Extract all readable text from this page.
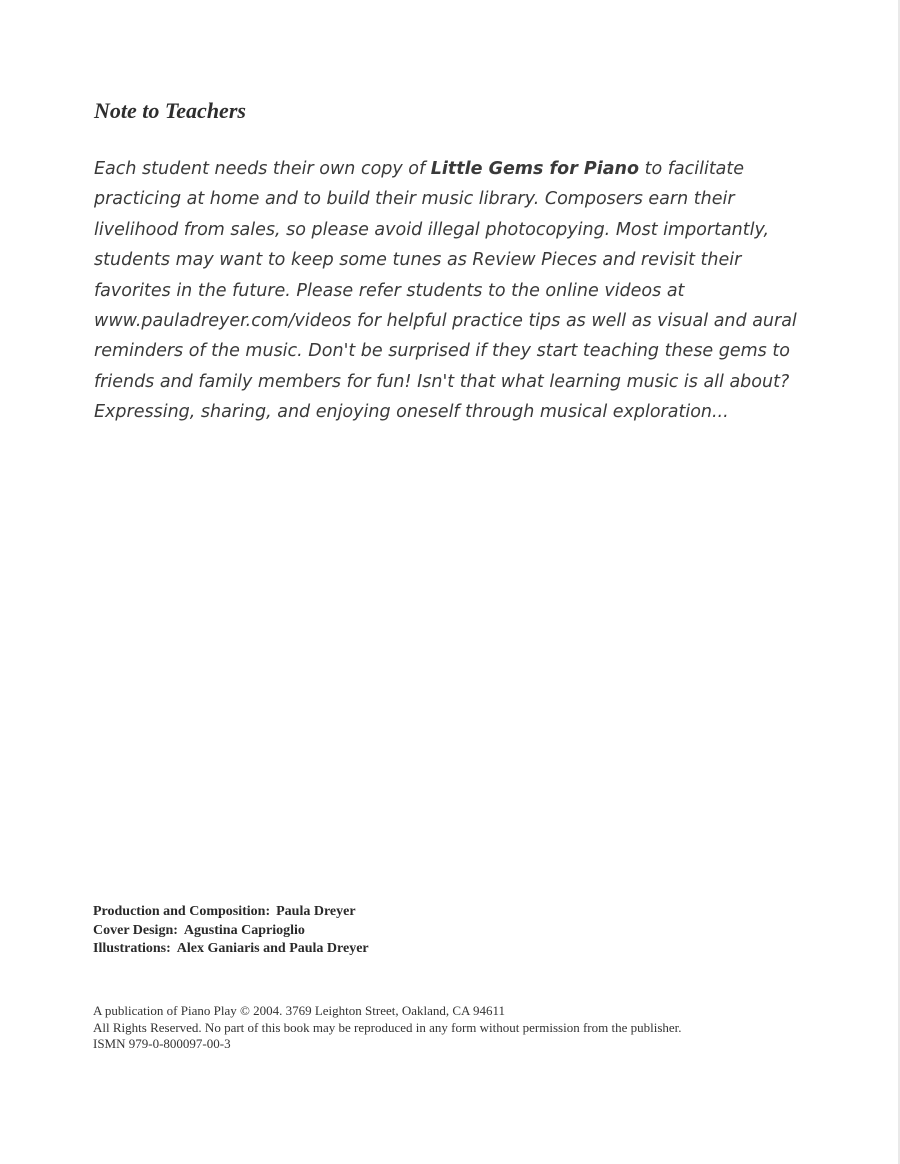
Note to Teachers
Each student needs their own copy of Little Gems for Piano to facilitate
practicing at home and to build their music library. Composers earn their
livelihood from sales, so please avoid illegal photocopying. Most importantly,
students may want to keep some tunes as Review Pieces and revisit their
favorites in the future. Please refer students to the online videos at
www.pauladreyer.com/videos for helpful practice tips as well as visual and aural
reminders of the music. Don't be surprised if they start teaching these gems to
friends and family members for fun! Isn't that what learning music is all about?
Expressing, sharing, and enjoying oneself through musical exploration...
Production and Composition: Paula Dreyer
Cover Design: Agustina Caprioglio
Illustrations: Alex Ganiaris and Paula Dreyer
A publication of Piano Play © 2004. 3769 Leighton Street, Oakland, CA 94611
All Rights Reserved. No part of this book may be reproduced in any form without permission from the publisher.
ISMN 979-0-800097-00-3
